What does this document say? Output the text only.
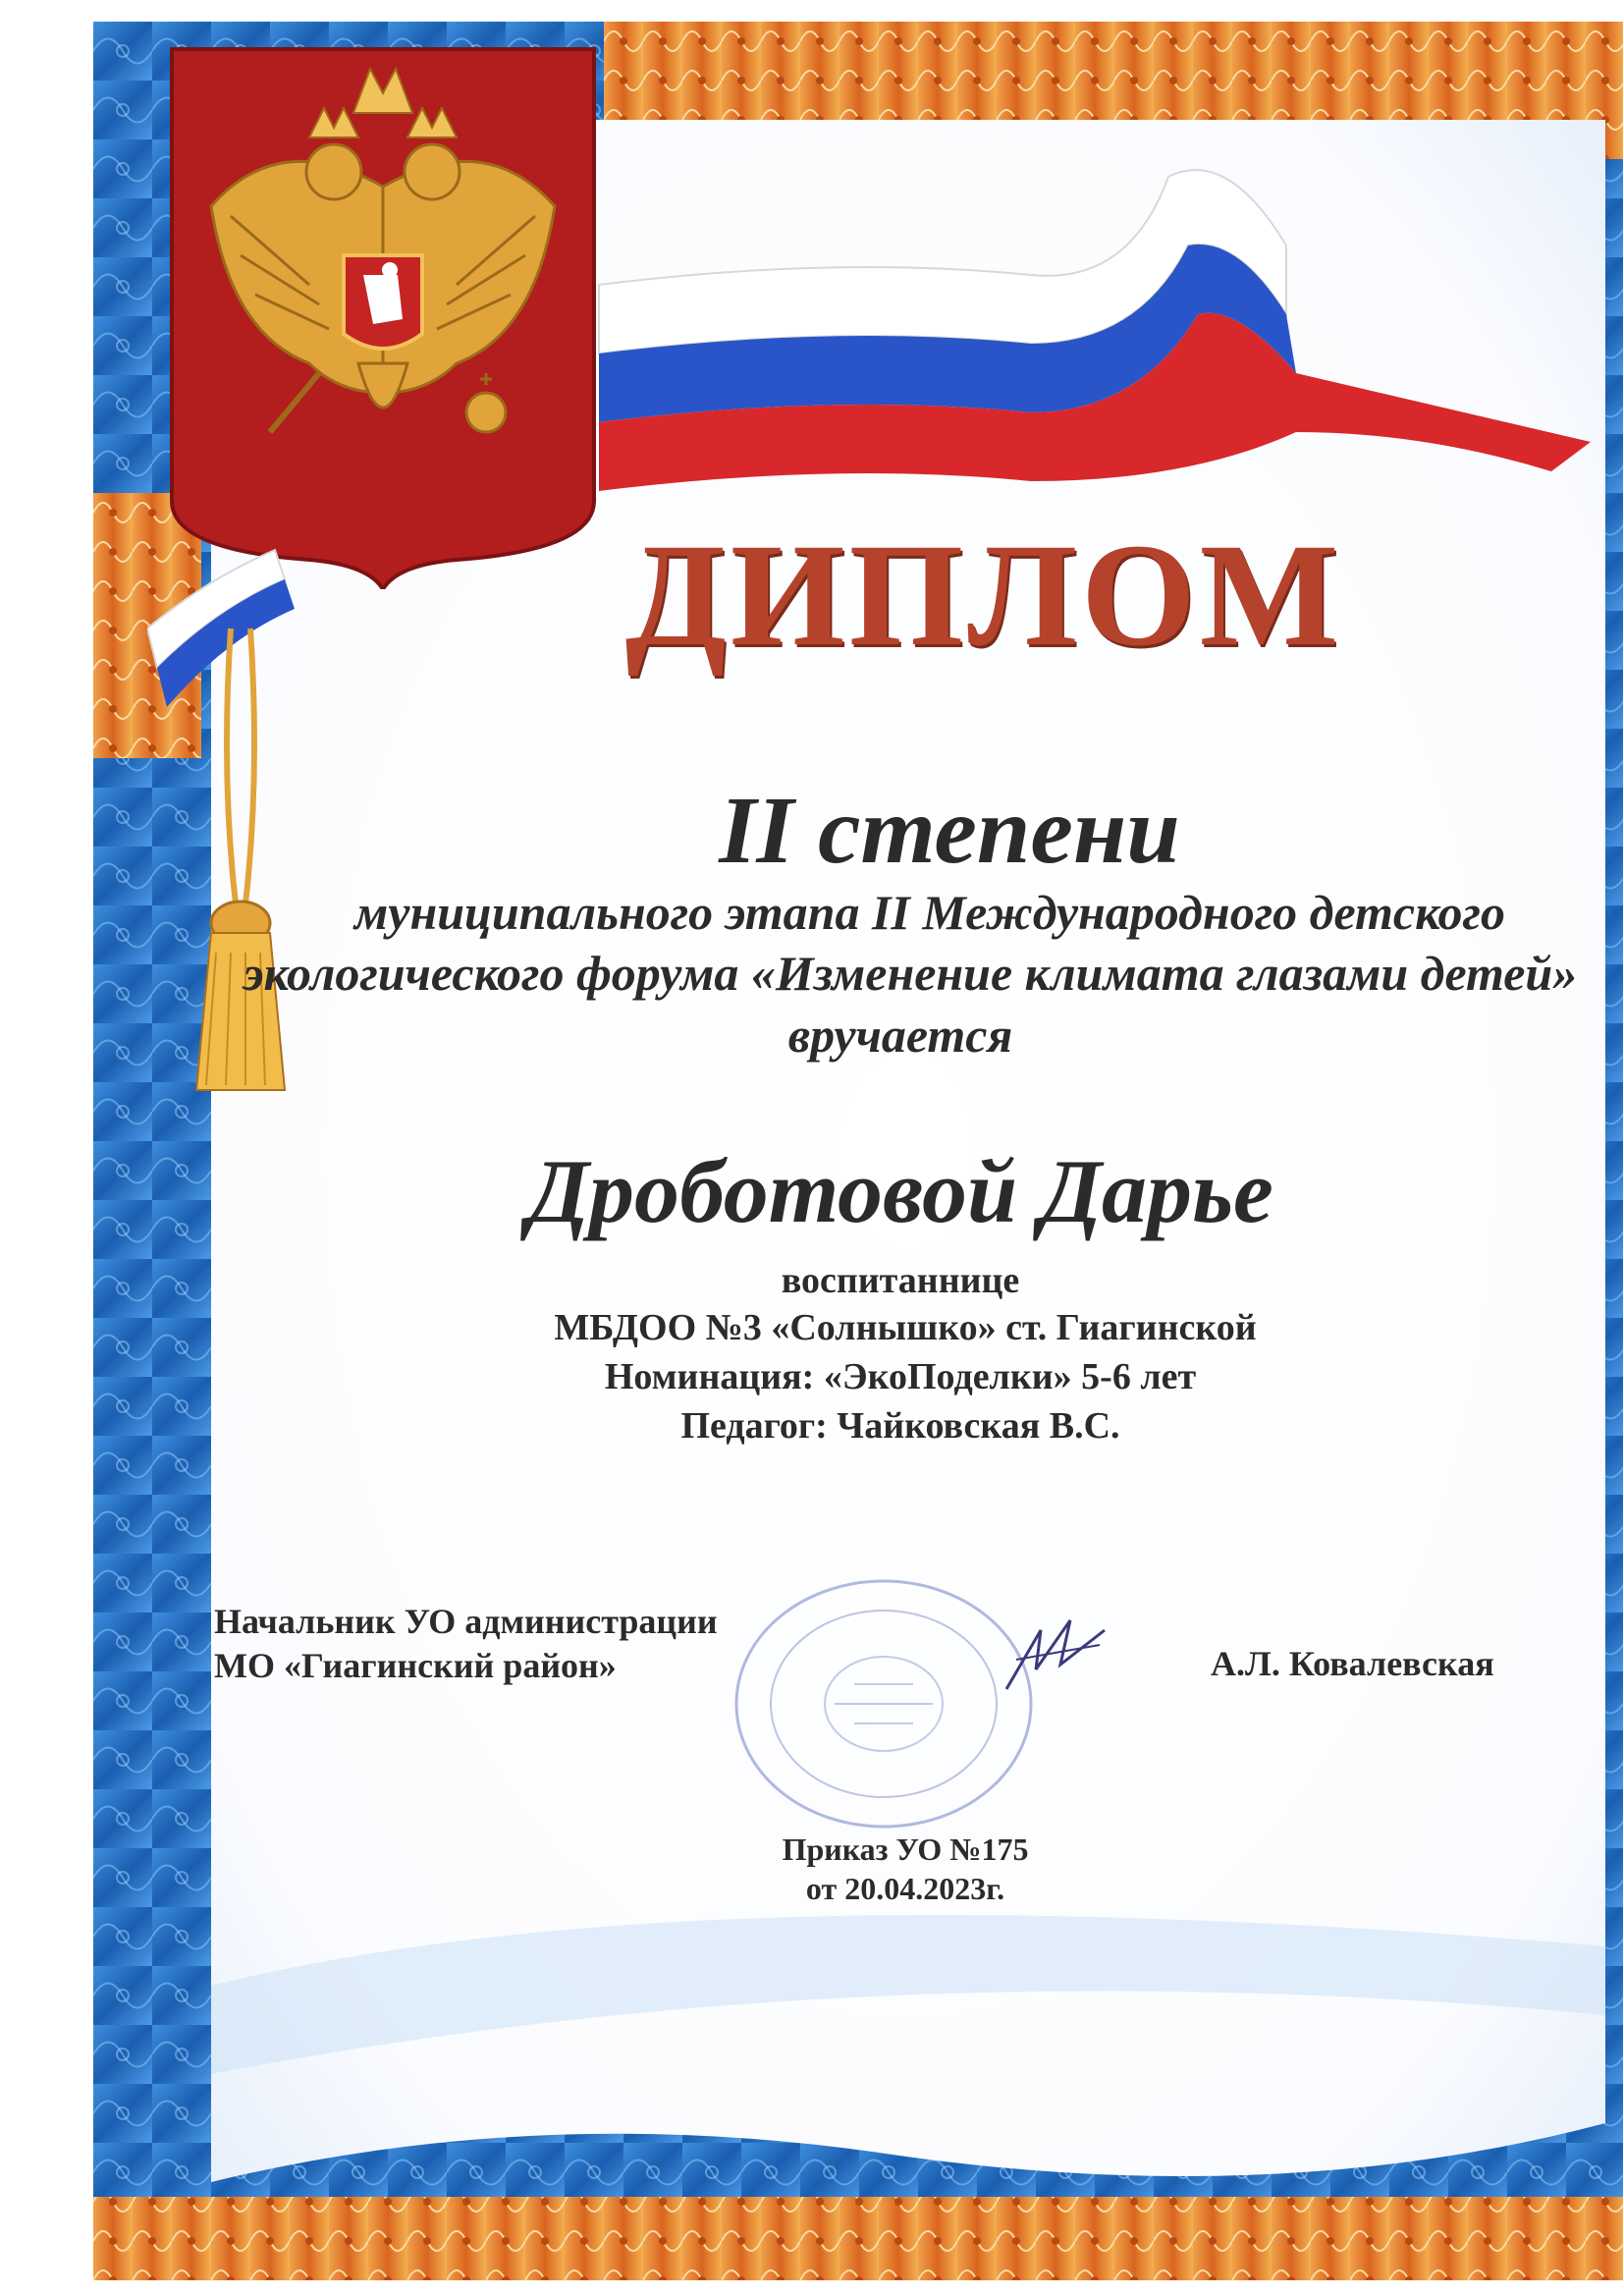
ДИПЛОМ
II степени
муниципального этапа II Международного детского
экологического форума «Изменение климата глазами детей»
вручается
Дроботовой Дарье
воспитаннице
МБДОО №3 «Солнышко» ст. Гиагинской
Номинация: «ЭкоПоделки» 5-6 лет
Педагог: Чайковская В.С.
Начальник УО администрации
МО «Гиагинский район»	А.Л. Ковалевская
Приказ УО №175
от 20.04.2023г.
